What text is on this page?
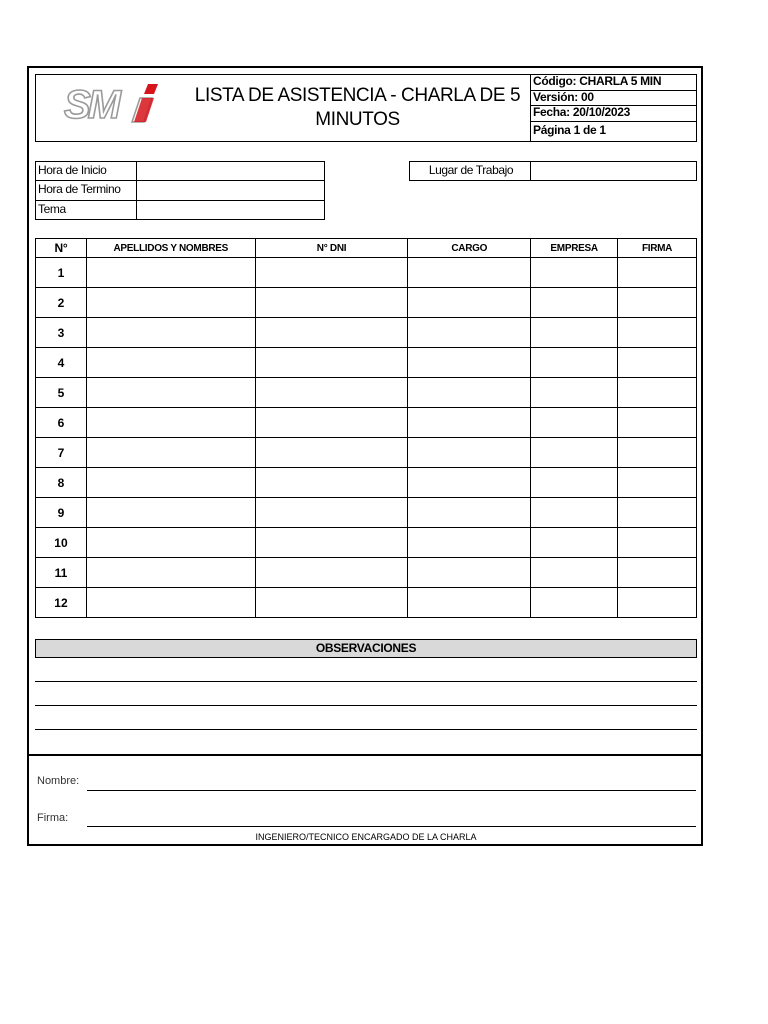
SM	LISTA DE ASISTENCIA - CHARLA DE 5 MINUTOS
Código: CHARLA 5 MIN
Versión: 00
Fecha: 20/10/2023
Página 1 de 1
Hora de Inicio
Hora de Termino
Tema
Lugar de Trabajo
N°	APELLIDOS Y NOMBRES	N° DNI	CARGO	EMPRESA	FIRMA
1					
2					
3					
4					
5					
6					
7					
8					
9					
10					
11					
12					
OBSERVACIONES
Nombre:
Firma:
INGENIERO/TECNICO ENCARGADO DE LA CHARLA
